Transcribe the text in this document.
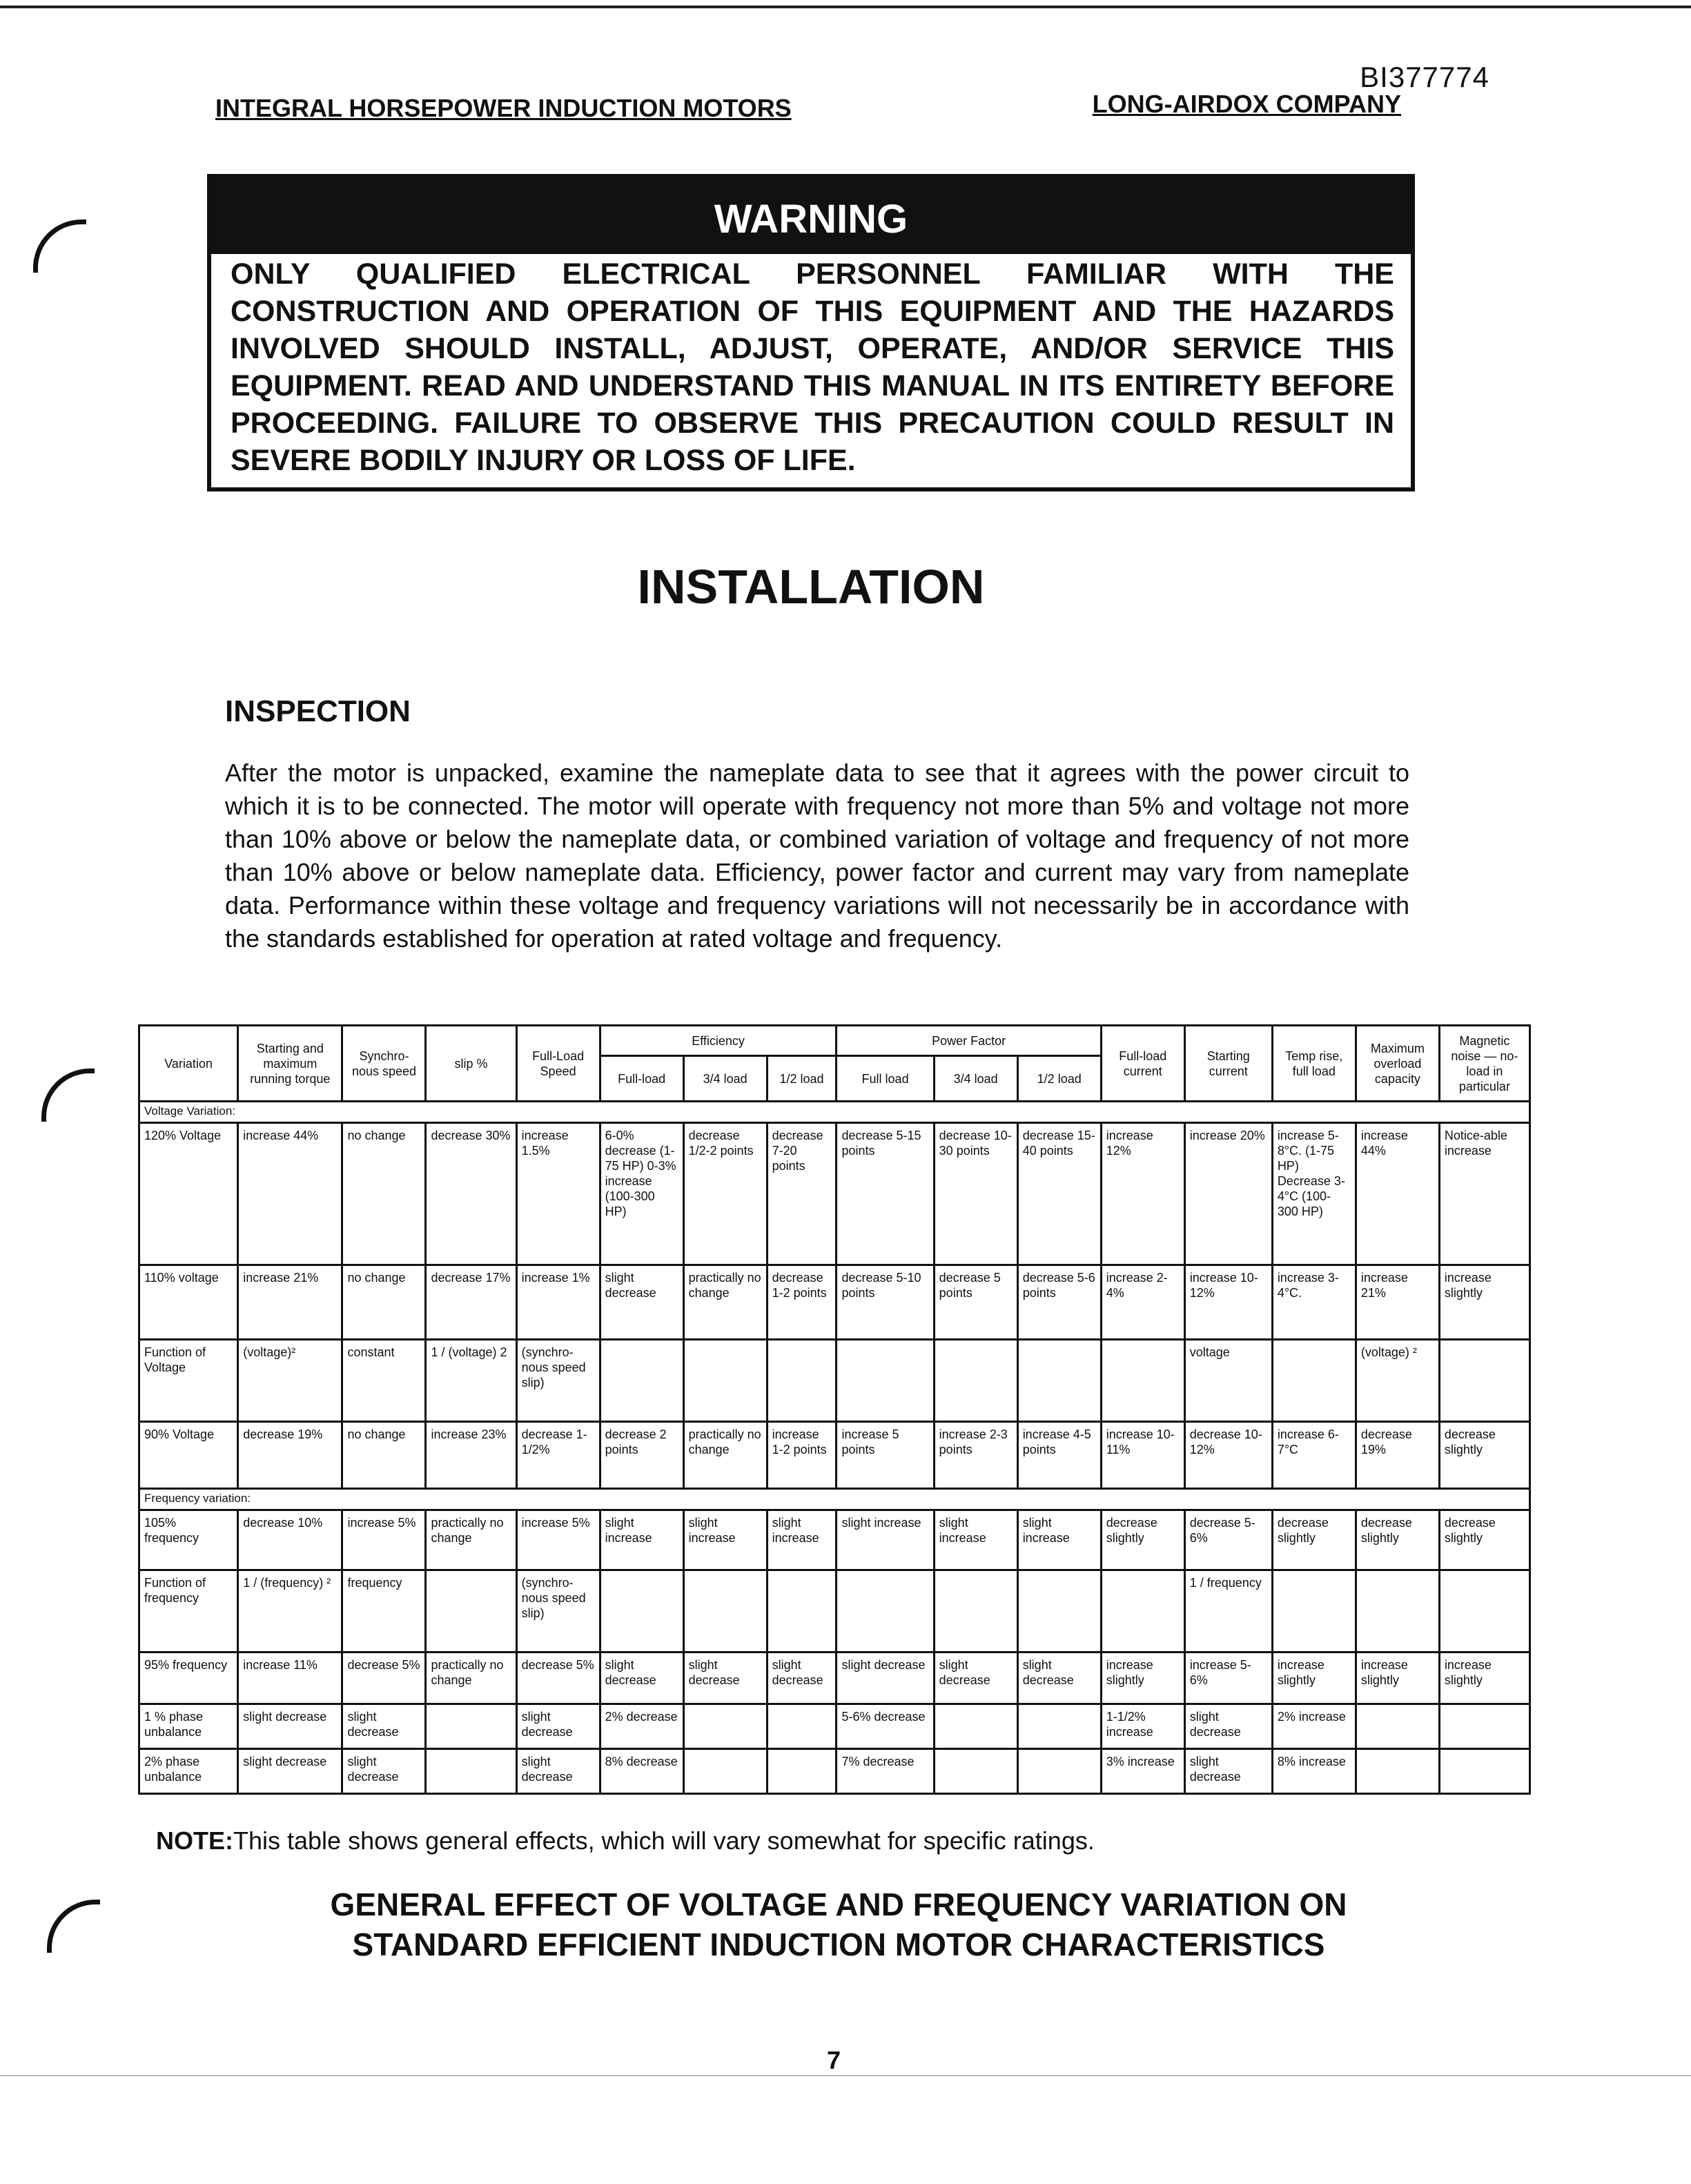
BI377774
INTEGRAL HORSEPOWER INDUCTION MOTORS	LONG-AIRDOX COMPANY
WARNING
ONLY QUALIFIED ELECTRICAL PERSONNEL FAMILIAR WITH THE CONSTRUCTION AND OPERATION OF THIS EQUIPMENT AND THE HAZARDS INVOLVED SHOULD INSTALL, ADJUST, OPERATE, AND/OR SERVICE THIS EQUIPMENT. READ AND UNDERSTAND THIS MANUAL IN ITS ENTIRETY BEFORE PROCEEDING. FAILURE TO OBSERVE THIS PRECAUTION COULD RESULT IN SEVERE BODILY INJURY OR LOSS OF LIFE.
INSTALLATION
INSPECTION
After the motor is unpacked, examine the nameplate data to see that it agrees with the power circuit to which it is to be connected. The motor will operate with frequency not more than 5% and voltage not more than 10% above or below the nameplate data, or combined variation of voltage and frequency of not more than 10% above or below nameplate data. Efficiency, power factor and current may vary from nameplate data. Performance within these voltage and frequency variations will not necessarily be in accordance with the standards established for operation at rated voltage and frequency.
Variation	Starting and maximum running torque	Synchro-nous speed	slip %	Full-Load Speed	Efficiency			Power Factor			Full-load current	Starting current	Temp rise, full load	Maximum overload capacity	Magnetic noise — no-load in particular
					Full-load	3/4 load	1/2 load	Full load	3/4 load	1/2 load					
Voltage Variation:															
120% Voltage	increase 44%	no change	decrease 30%	increase 1.5%	6-0% decrease (1-75 HP) 0-3% increase (100-300 HP)	decrease 1/2-2 points	decrease 7-20 points	decrease 5-15 points	decrease 10-30 points	decrease 15-40 points	increase 12%	increase 20%	increase 5-8°C. (1-75 HP) Decrease 3-4°C (100-300 HP)	increase 44%	Notice-able increase
110% voltage	increase 21%	no change	decrease 17%	increase 1%	slight decrease	practically no change	decrease 1-2 points	decrease 5-10 points	decrease 5 points	decrease 5-6 points	increase 2-4%	increase 10-12%	increase 3-4°C.	increase 21%	increase slightly
Function of Voltage	(voltage)²	constant	1 / (voltage) 2	(synchro-nous speed slip)								voltage		(voltage) ²	
90% Voltage	decrease 19%	no change	increase 23%	decrease 1-1/2%	decrease 2 points	practically no change	increase 1-2 points	increase 5 points	increase 2-3 points	increase 4-5 points	increase 10-11%	decrease 10-12%	increase 6-7°C	decrease 19%	decrease slightly
Frequency variation:															
105% frequency	decrease 10%	increase 5%	practically no change	increase 5%	slight increase	slight increase	slight increase	slight increase	slight increase	slight increase	decrease slightly	decrease 5-6%	decrease slightly	decrease slightly	decrease slightly
Function of frequency	1 / (frequency) ²	frequency		(synchro-nous speed slip)								1 / frequency			
95% frequency	increase 11%	decrease 5%	practically no change	decrease 5%	slight decrease	slight decrease	slight decrease	slight decrease	slight decrease	slight decrease	increase slightly	increase 5-6%	increase slightly	increase slightly	increase slightly
1 % phase unbalance	slight decrease	slight decrease		slight decrease	2% decrease			5-6% decrease			1-1/2% increase	slight decrease	2% increase		
2% phase unbalance	slight decrease	slight decrease		slight decrease	8% decrease			7% decrease			3% increase	slight decrease	8% increase		
NOTE:This table shows general effects, which will vary somewhat for specific ratings.
GENERAL EFFECT OF VOLTAGE AND FREQUENCY VARIATION ON
STANDARD EFFICIENT INDUCTION MOTOR CHARACTERISTICS
7
